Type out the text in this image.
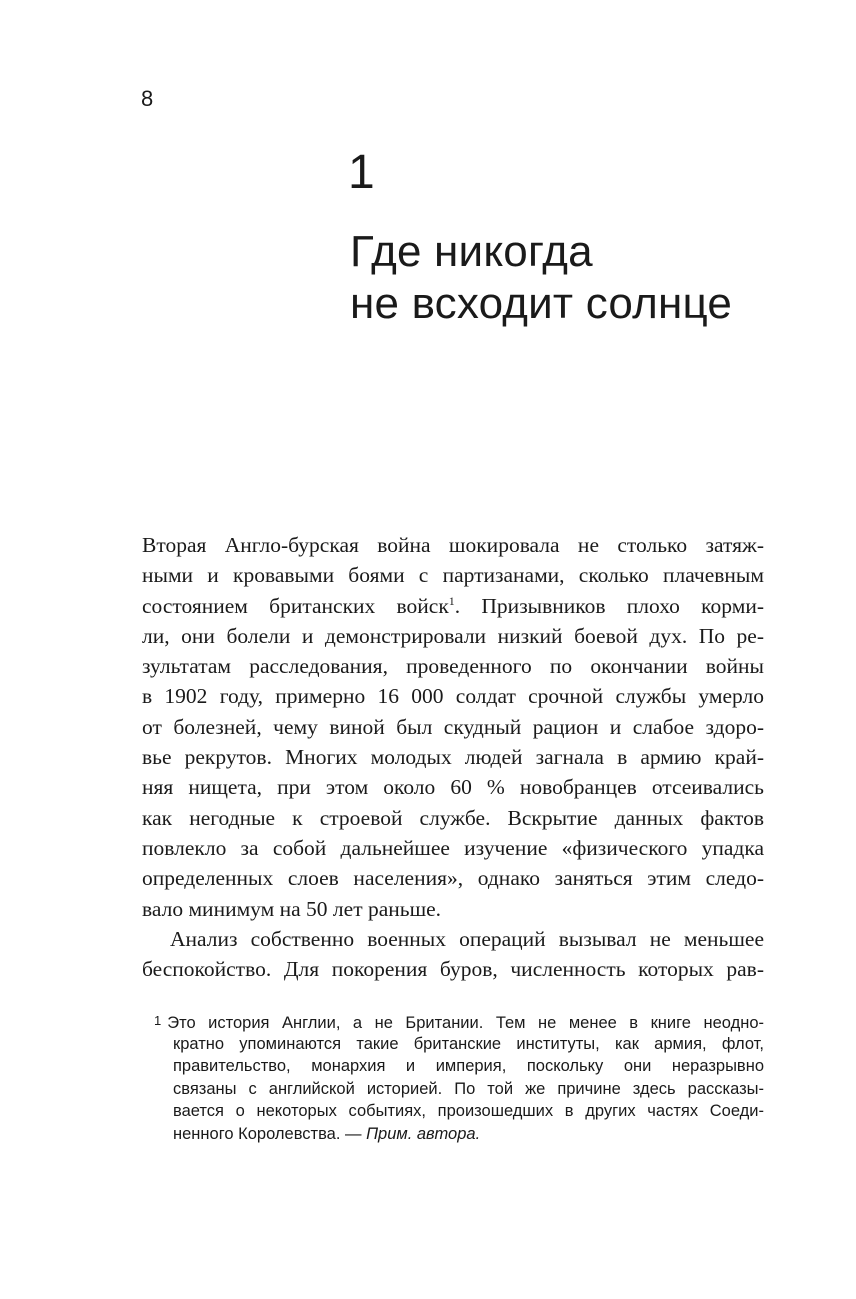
8
1
Где никогда
не всходит солнце
Вторая Англо-бурская война шокировала не столько затяж-
ными и кровавыми боями с партизанами, сколько плачевным
состоянием британских войск$^1$. Призывников плохо корми-
ли, они болели и демонстрировали низкий боевой дух. По ре-
зультатам расследования, проведенного по окончании войны
в 1902 году, примерно 16 000 солдат срочной службы умерло
от болезней, чему виной был скудный рацион и слабое здоро-
вье рекрутов. Многих молодых людей загнала в армию край-
няя нищета, при этом около 60 % новобранцев отсеивались
как негодные к строевой службе. Вскрытие данных фактов
повлекло за собой дальнейшее изучение «физического упадка
определенных слоев населения», однако заняться этим следо-
вало минимум на 50 лет раньше.
Анализ собственно военных операций вызывал не меньшее
беспокойство. Для покорения буров, численность которых рав-
1 Это история Англии, а не Британии. Тем не менее в книге неодно-
кратно упоминаются такие британские институты, как армия, флот,
правительство, монархия и империя, поскольку они неразрывно
связаны с английской историей. По той же причине здесь рассказы-
вается о некоторых событиях, произошедших в других частях Соеди-
ненного Королевства. — Прим. автора.
